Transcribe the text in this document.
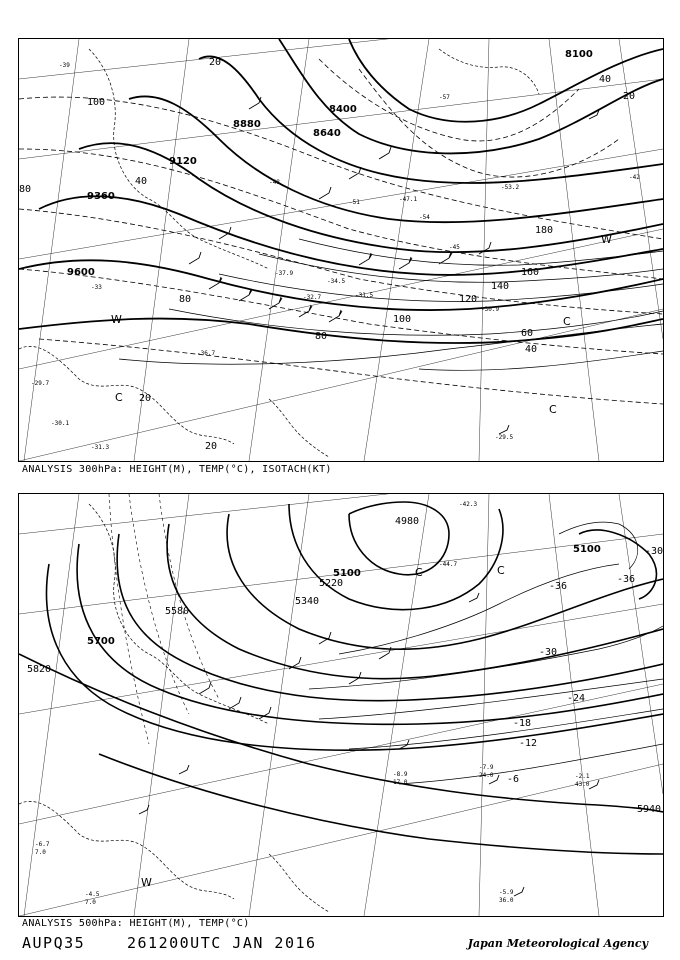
9600
9360
9120
8880
8640
8400
8100
20
20
40
60
80
80
100
100
120
140
160
180
40
20
80
40
20
-39
-33
-48
-51
-54
-45
-57
-42
-29.5
-30.9
-31.3
-31.5
-32.7
-34.5
-36.7
-37.9
-47.1
-53.2
-29.7
-30.1
W
C
C
C
W
ANALYSIS 300hPa: HEIGHT(M), TEMP(°C), ISOTACH(KT)
5100
5100
5220
5340
5580
5700
5820
5940
4980
-6
-12
-18
-24
-30
-36
-30
-36
-5.9
36.0
-2.1
43.0
-7.9
24.0
-8.9
17.0
-4.5
7.0
-6.7
7.0
-44.7
-42.3
W
C
C
ANALYSIS 500hPa: HEIGHT(M), TEMP(°C)
AUPQ35	261200UTC JAN 2016	Japan Meteorological Agency
